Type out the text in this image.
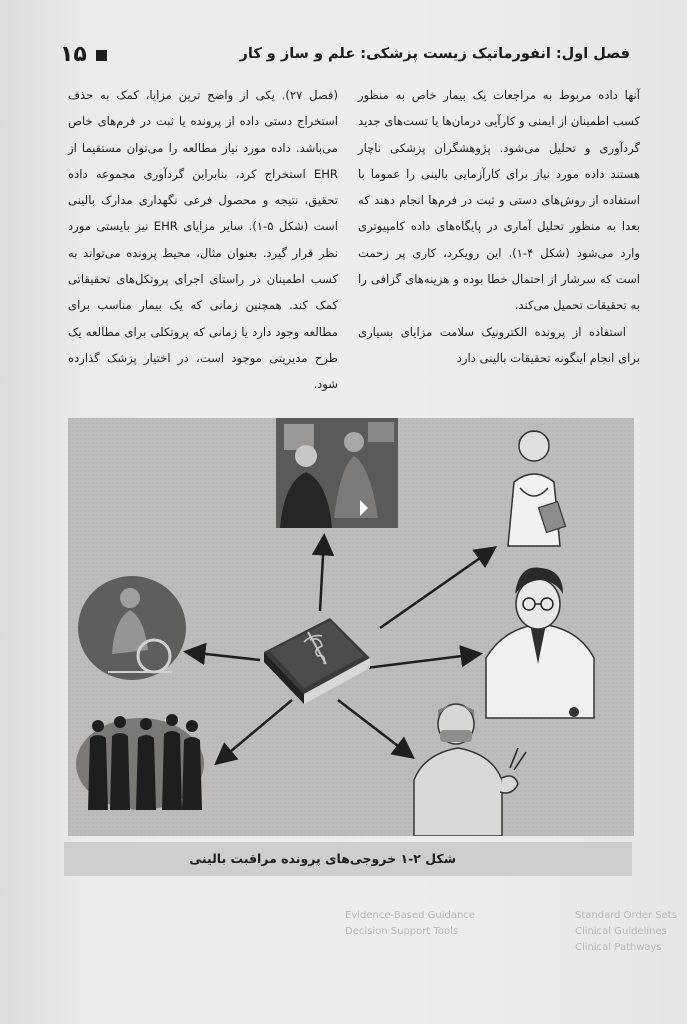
فصل اول: انفورماتیک زیست پزشکی: علم و ساز و کار
۱۵

آنها داده مربوط به مراجعات یک بیمار خاص به منظور کسب اطمینان از ایمنی و کارآیی درمان‌ها یا تست‌های جدید گردآوری و تحلیل می‌شود. پژوهشگران پزشکی ناچار هستند داده مورد نیاز برای کارآزمایی بالینی را عموما با استفاده از روش‌های دستی و ثبت در فرم‌ها انجام دهند که بعدا به منظور تحلیل آماری در پایگاه‌های داده کامپیوتری وارد می‌شود (شکل ۴-۱). این رویکرد، کاری پر زحمت است که سرشار از احتمال خطا بوده و هزینه‌های گزافی را به تحقیقات تحمیل می‌کند.

استفاده از پرونده الکترونیک سلامت مزایای بسیاری برای انجام اینگونه تحقیقات بالینی دارد

(فصل ۲۷). یکی از واضح ترین مزایا، کمک به حذف استخراج دستی داده از پرونده یا ثبت در فرم‌های خاص می‌باشد. داده مورد نیاز مطالعه را می‌توان مستقیما از EHR استخراج کرد، بنابراین گردآوری مجموعه داده تحقیق، نتیجه و محصول فرعی نگهداری مدارک بالینی است (شکل ۵-۱). سایر مزایای EHR نیز بایستی مورد نظر قرار گیرد. بعنوان مثال، محیط پرونده می‌تواند به کسب اطمینان در راستای اجرای پروتکل‌های تحقیقاتی کمک کند. همچنین زمانی که یک بیمار مناسب برای مطالعه وجود دارد یا زمانی که پروتکلی برای مطالعه یک طرح مدیریتی موجود است، در اختیار پزشک گذارده شود.

شکل ۲-۱ خروجی‌های پرونده مراقبت بالینی
Standard Order Sets
Clinical Guidelines
Clinical Pathways
Evidence-Based Guidance
Decision Support Tools
